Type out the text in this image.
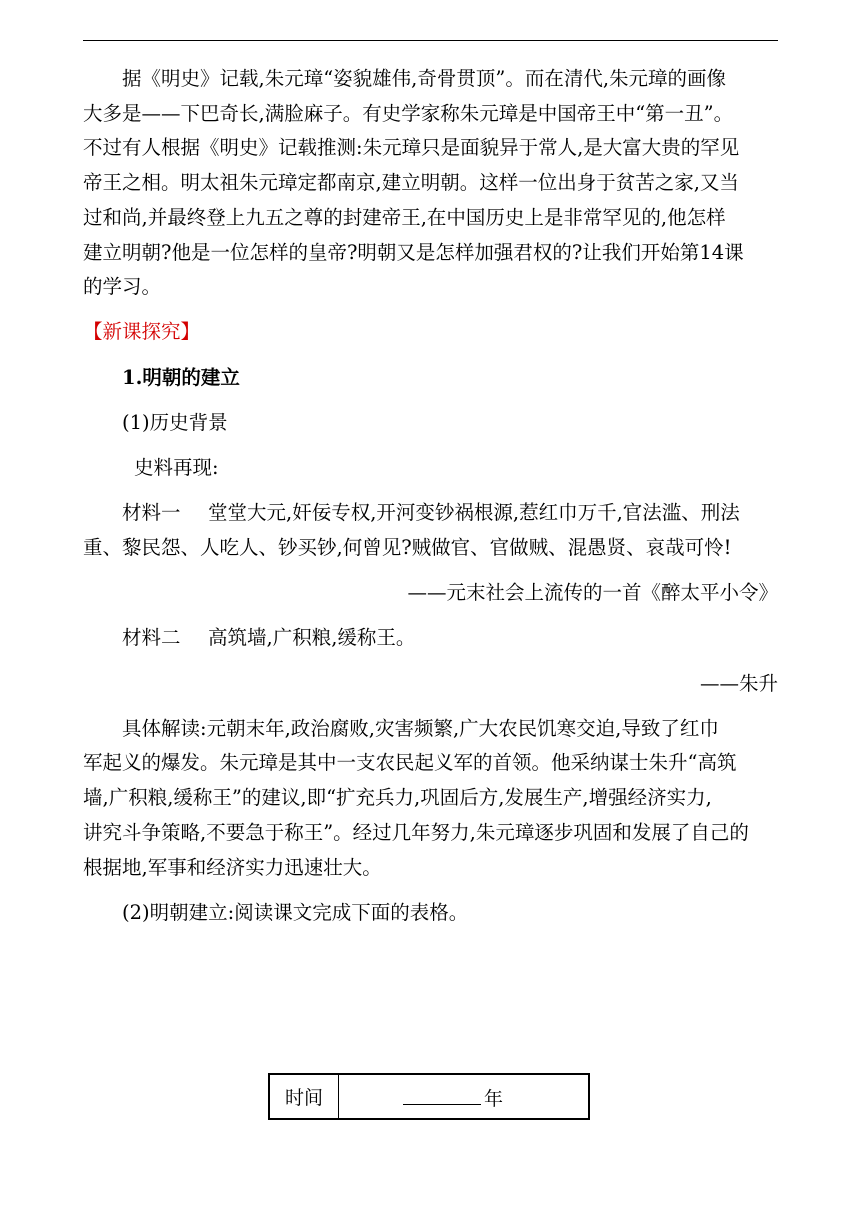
据《明史》记载,朱元璋“姿貌雄伟,奇骨贯顶”。而在清代,朱元璋的画像

大多是——下巴奇长,满脸麻子。有史学家称朱元璋是中国帝王中“第一丑”。

不过有人根据《明史》记载推测:朱元璋只是面貌异于常人,是大富大贵的罕见

帝王之相。明太祖朱元璋定都南京,建立明朝。这样一位出身于贫苦之家,又当

过和尚,并最终登上九五之尊的封建帝王,在中国历史上是非常罕见的,他怎样

建立明朝?他是一位怎样的皇帝?明朝又是怎样加强君权的?让我们开始第14课

的学习。

【新课探究】

1.明朝的建立

(1)历史背景

史料再现:

材料一 堂堂大元,奸佞专权,开河变钞祸根源,惹红巾万千,官法滥、刑法

重、黎民怨、人吃人、钞买钞,何曾见?贼做官、官做贼、混愚贤、哀哉可怜!

——元末社会上流传的一首《醉太平小令》

材料二 高筑墙,广积粮,缓称王。

——朱升

具体解读:元朝末年,政治腐败,灾害频繁,广大农民饥寒交迫,导致了红巾

军起义的爆发。朱元璋是其中一支农民起义军的首领。他采纳谋士朱升“高筑

墙,广积粮,缓称王”的建议,即“扩充兵力,巩固后方,发展生产,增强经济实力,

讲究斗争策略,不要急于称王”。经过几年努力,朱元璋逐步巩固和发展了自己的

根据地,军事和经济实力迅速壮大。

(2)明朝建立:阅读课文完成下面的表格。

时间	年
